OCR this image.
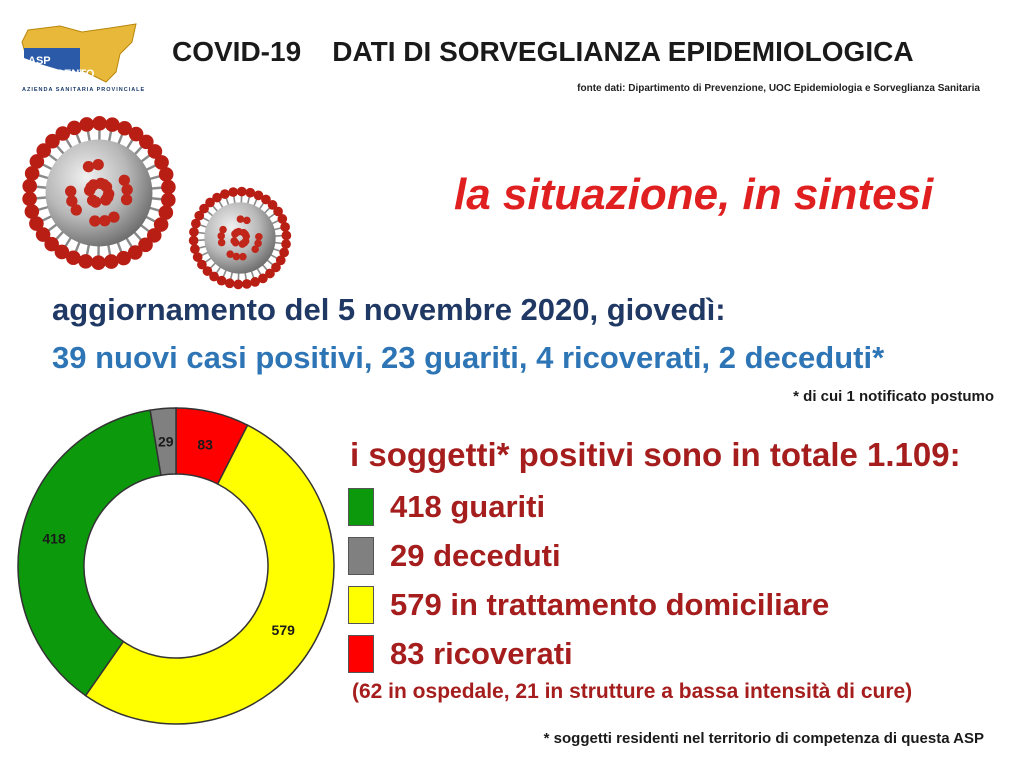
ASP
AGRIGENTO
AZIENDA SANITARIA PROVINCIALE
COVID-19    DATI DI SORVEGLIANZA EPIDEMIOLOGICA
fonte dati: Dipartimento di Prevenzione, UOC Epidemiologia e Sorveglianza Sanitaria
la situazione, in sintesi
aggiornamento del 5 novembre 2020, giovedì:
39 nuovi casi positivi, 23 guariti, 4 ricoverati, 2 deceduti*
* di cui 1 notificato postumo
83
579
418
29	i soggetti* positivi sono in totale 1.109:
418 guariti
29 deceduti
579 in trattamento domiciliare
83 ricoverati
(62 in ospedale, 21 in strutture a bassa intensità di cure)
* soggetti residenti nel territorio di competenza di questa ASP
